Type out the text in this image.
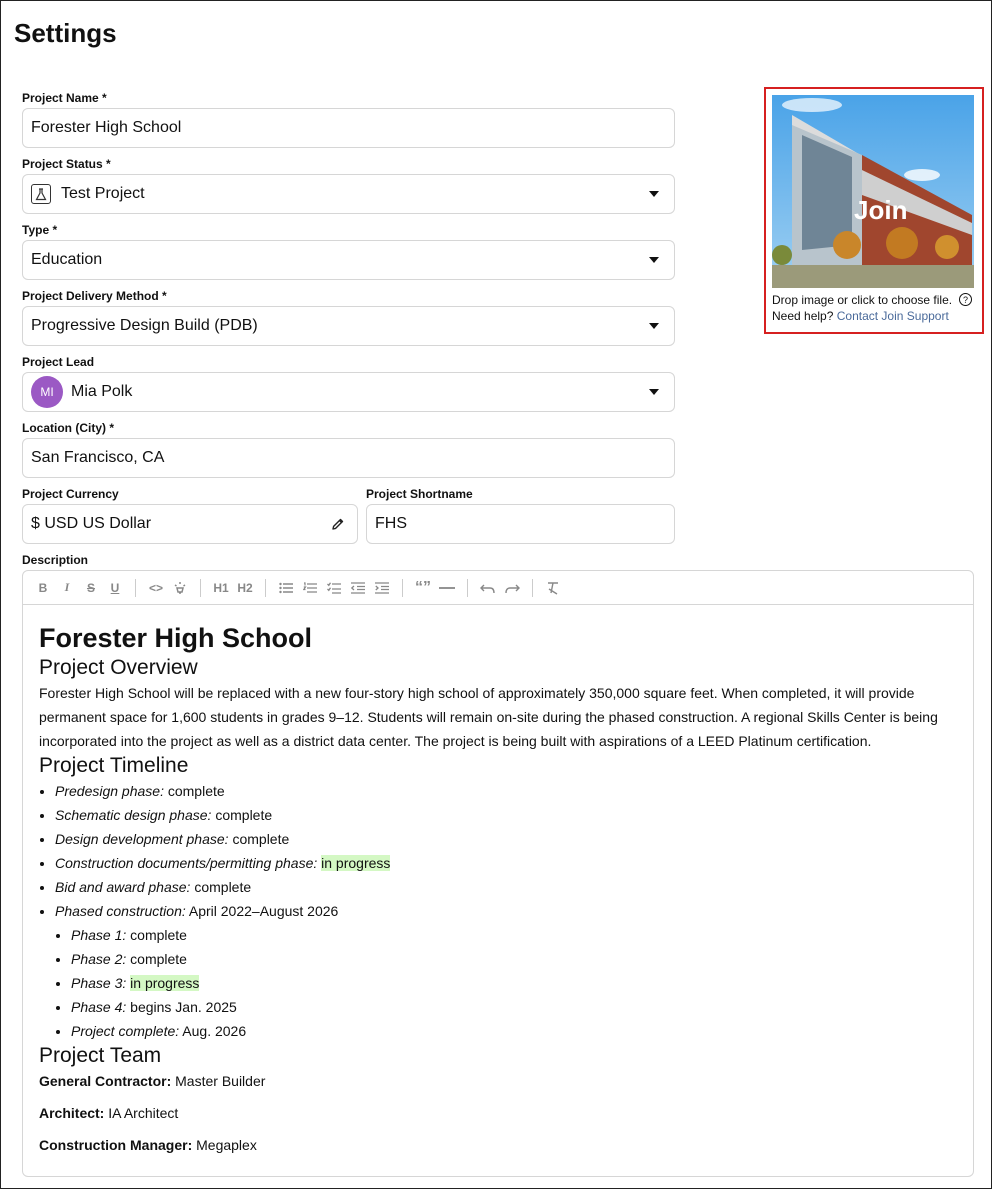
Settings
Project Name *
Forester High School
Project Status *
Test Project
Type *
Education
Project Delivery Method *
Progressive Design Build (PDB)
Project Lead
MI	Mia Polk
Location (City) *
San Francisco, CA
Project Currency
$ USD US Dollar
Project Shortname
FHS
Join
Drop image or click to choose file.	?
Need help? Contact Join Support
Description
B	I	S	U	<>	H1 H2	“”
Forester High School
Project Overview

Forester High School will be replaced with a new four-story high school of approximately 350,000 square feet. When completed, it will provide permanent space for 1,600 students in grades 9–12. Students will remain on-site during the phased construction. A regional Skills Center is being incorporated into the project as well as a district data center. The project is being built with aspirations of a LEED Platinum certification.

Project Timeline
• Predesign phase: complete
• Schematic design phase: complete
• Design development phase: complete
• Construction documents/permitting phase: in progress
• Bid and award phase: complete
• Phased construction: April 2022–August 2026
• Phase 1: complete
• Phase 2: complete
• Phase 3: in progress
• Phase 4: begins Jan. 2025
• Project complete: Aug. 2026
Project Team

General Contractor: Master Builder

Architect: IA Architect

Construction Manager: Megaplex
